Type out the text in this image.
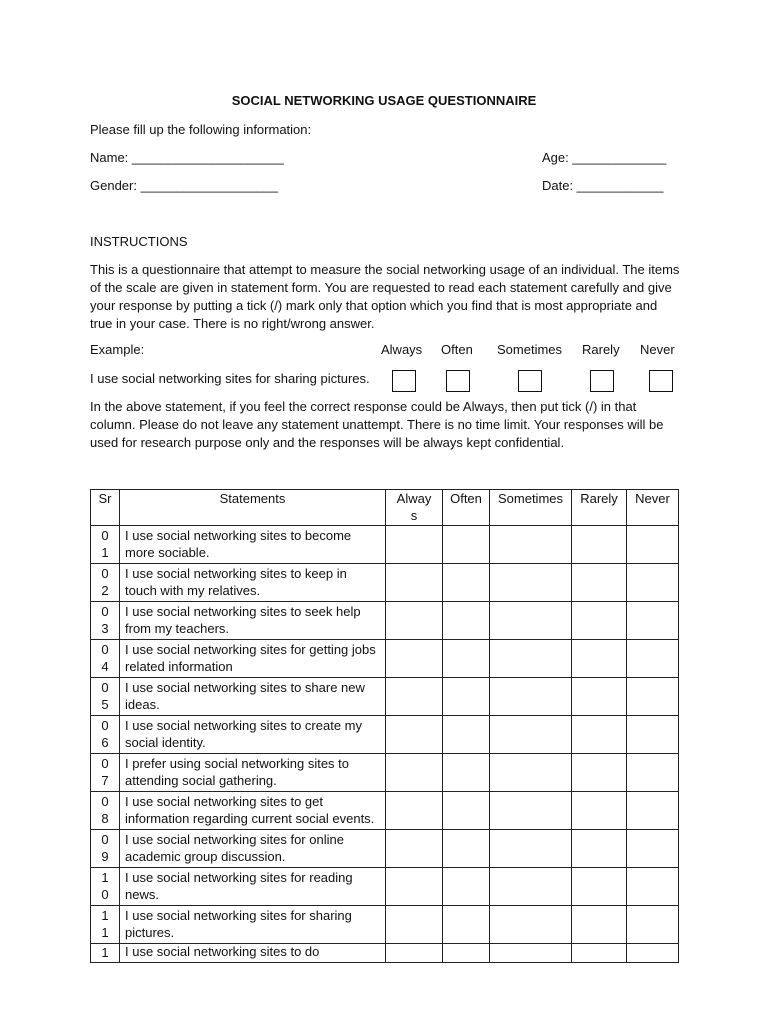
SOCIAL NETWORKING USAGE QUESTIONNAIRE
Please fill up the following information:
Name: _____________________	Age: _____________
Gender: ___________________	Date: ____________
INSTRUCTIONS
This is a questionnaire that attempt to measure the social networking usage of an individual. The items of the scale are given in statement form. You are requested to read each statement carefully and give your response by putting a tick (/) mark only that option which you find that is most appropriate and true in your case. There is no right/wrong answer.
Example:	Always Often Sometimes Rarely Never
I use social networking sites for sharing pictures.
In the above statement, if you feel the correct response could be Always, then put tick (/) in that column. Please do not leave any statement unattempt. There is no time limit. Your responses will be used for research purpose only and the responses will be always kept confidential.
Sr	Statements	Always	Often	Sometimes	Rarely	Never
01	I use social networking sites to become more sociable.					
02	I use social networking sites to keep in touch with my relatives.					
03	I use social networking sites to seek help from my teachers.					
04	I use social networking sites for getting jobs related information					
05	I use social networking sites to share new ideas.					
06	I use social networking sites to create my social identity.					
07	I prefer using social networking sites to attending social gathering.					
08	I use social networking sites to get information regarding current social events.					
09	I use social networking sites for online academic group discussion.					
10	I use social networking sites for reading news.					
11	I use social networking sites for sharing pictures.					
1	I use social networking sites to do					
